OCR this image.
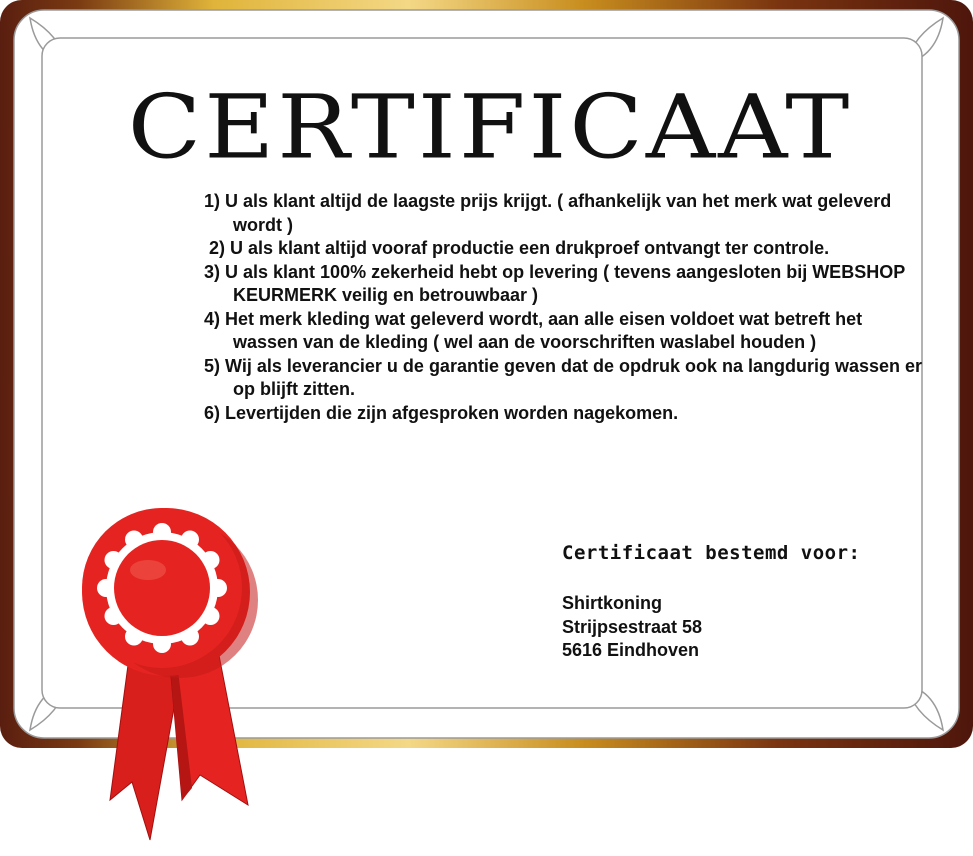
CERTIFICAAT
1) U als klant altijd de laagste prijs krijgt. ( afhankelijk van het merk wat geleverd wordt )
2) U als klant altijd vooraf productie een drukproef ontvangt ter controle.
3) U als klant 100% zekerheid hebt op levering ( tevens aangesloten bij WEBSHOP KEURMERK veilig en betrouwbaar )
4) Het merk kleding wat geleverd wordt, aan alle eisen voldoet wat betreft het wassen van de kleding ( wel aan de voorschriften waslabel houden )
5) Wij als leverancier u de garantie geven dat de opdruk ook na langdurig wassen er op blijft zitten.
6) Levertijden die zijn afgesproken worden nagekomen.
Certificaat bestemd voor:
Shirtkoning
Strijpsestraat 58
5616 Eindhoven
